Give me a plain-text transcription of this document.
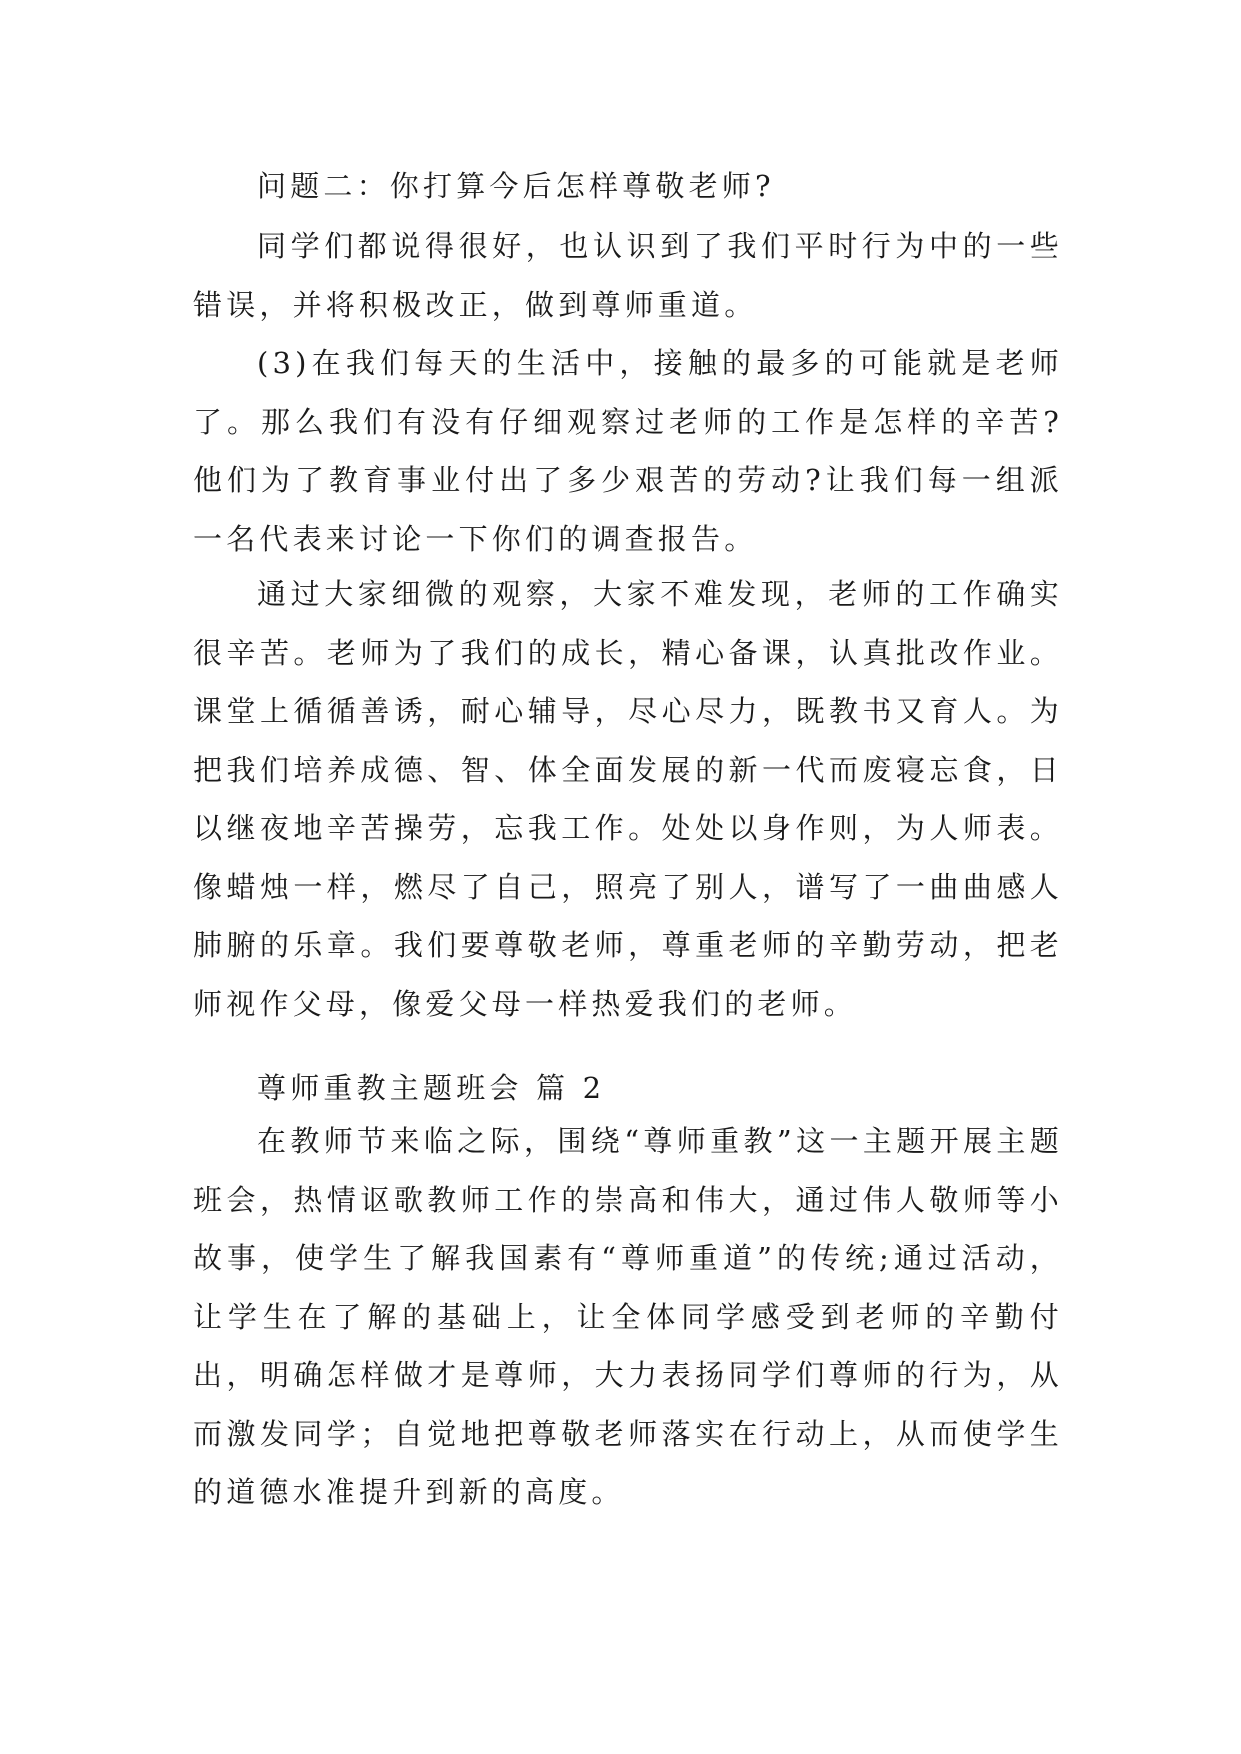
问题二：你打算今后怎样尊敬老师?

同学们都说得很好，也认识到了我们平时行为中的一些错误，并将积极改正，做到尊师重道。

(3)在我们每天的生活中，接触的最多的可能就是老师了。那么我们有没有仔细观察过老师的工作是怎样的辛苦?他们为了教育事业付出了多少艰苦的劳动?让我们每一组派一名代表来讨论一下你们的调查报告。

通过大家细微的观察，大家不难发现，老师的工作确实很辛苦。老师为了我们的成长，精心备课，认真批改作业。课堂上循循善诱，耐心辅导，尽心尽力，既教书又育人。为把我们培养成德、智、体全面发展的新一代而废寝忘食，日以继夜地辛苦操劳，忘我工作。处处以身作则，为人师表。像蜡烛一样，燃尽了自己，照亮了别人，谱写了一曲曲感人肺腑的乐章。我们要尊敬老师，尊重老师的辛勤劳动，把老师视作父母，像爱父母一样热爱我们的老师。

尊师重教主题班会 篇 2

在教师节来临之际，围绕“尊师重教”这一主题开展主题班会，热情讴歌教师工作的崇高和伟大，通过伟人敬师等小故事，使学生了解我国素有“尊师重道”的传统;通过活动，让学生在了解的基础上，让全体同学感受到老师的辛勤付出，明确怎样做才是尊师，大力表扬同学们尊师的行为，从而激发同学；自觉地把尊敬老师落实在行动上，从而使学生的道德水准提升到新的高度。
